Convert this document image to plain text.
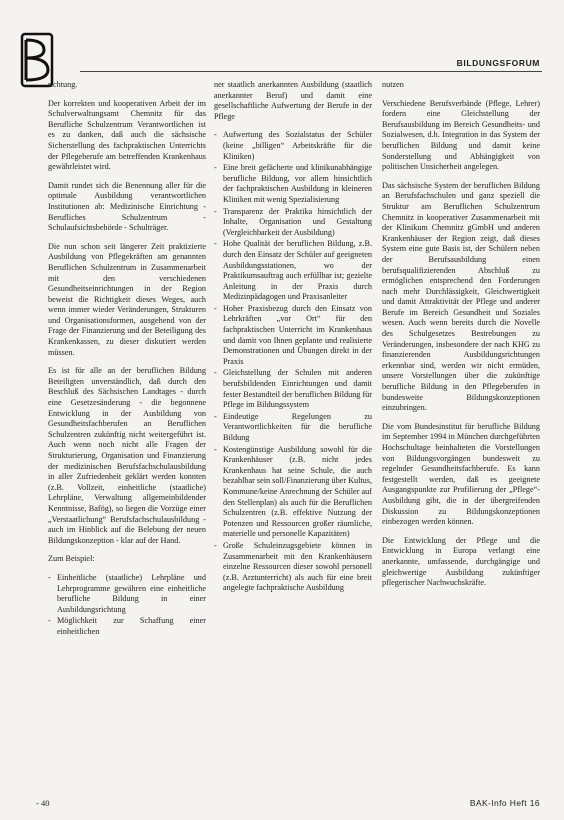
BILDUNGSFORUM

richtung.

Der korrekten und kooperativen Arbeit der im Schulverwaltungsamt Chemnitz für das Berufliche Schulzentrum Verantwortlichen ist es zu danken, daß auch die sächsische Sicherstellung des fachpraktischen Unterrichts der Pflegeberufe am betreffenden Krankenhaus gewährleistet wird.

Damit rundet sich die Benennung aller für die optimale Ausbildung verantwortlichen Institutionen ab: Medizinische Einrichtung - Berufliches Schulzentrum - Schulaufsichtsbehörde - Schulträger.

Die nun schon seit längerer Zeit praktizierte Ausbildung von Pflegekräften am genannten Beruflichen Schulzentrum in Zusammenarbeit mit den verschiedenen Gesundheitseinrichtungen in der Region beweist die Richtigkeit dieses Weges, auch wenn immer wieder Veränderungen, Strukturen und Organisationsformen, ausgehend von der Frage der Finanzierung und der Beteiligung des Krankenkassen, zu dieser diskutiert werden müssen.

Es ist für alle an der beruflichen Bildung Beteiligten unverständlich, daß durch den Beschluß des Sächsischen Landtages - durch eine Gesetzesänderung - die begonnene Entwicklung in der Ausbildung von Gesundheitsfachberufen an Beruflichen Schulzentren zukünftig nicht weitergeführt ist. Auch wenn noch nicht alle Fragen der Strukturierung, Organisation und Finanzierung der medizinischen Berufsfachschulausbildung in aller Zufriedenheit geklärt werden konnten (z.B. Vollzeit, einheitliche (staatliche) Lehrpläne, Verwaltung allgemeinbildender Kenntnisse, Bafög), so liegen die Vorzüge einer „Verstaatlichung“ Berufsfachschulausbildung - auch im Hinblick auf die Belebung der neuen Bildungskonzeption - klar auf der Hand.

Zum Beispiel:

- Einheitliche (staatliche) Lehrpläne und Lehrprogramme gewähren eine einheitliche berufliche Bildung in einer Ausbildungsrichtung
- Möglichkeit zur Schaffung einer einheitlichen

ner staatlich anerkannten Ausbildung (staatlich anerkannter Beruf) und damit eine gesellschaftliche Aufwertung der Berufe in der Pflege

- Aufwertung des Sozialstatus der Schüler (keine „billigen“ Arbeitskräfte für die Kliniken)
- Eine breit gefächerte und klinikunabhängige berufliche Bildung, vor allem hinsichtlich der fachpraktischen Ausbildung in kleineren Kliniken mit wenig Spezialisierung
- Transparenz der Praktika hinsichtlich der Inhalte, Organisation und Gestaltung (Vergleichbarkeit der Ausbildung)
- Hohe Qualität der beruflichen Bildung, z.B. durch den Einsatz der Schüler auf geeigneten Ausbildungsstationen, wo der Praktikumsauftrag auch erfüllbar ist; gezielte Anleitung in der Praxis durch Medizinpädagogen und Praxisanleiter
- Hoher Praxisbezug durch den Einsatz von Lehrkräften „vor Ort“ für den fachpraktischen Unterricht im Krankenhaus und damit von Ihnen geplante und realisierte Demonstrationen und Übungen direkt in der Praxis
- Gleichstellung der Schulen mit anderen berufsbildenden Einrichtungen und damit fester Bestandteil der beruflichen Bildung für Pflege im Bildungssystem
- Eindeutige Regelungen zu Verantwortlichkeiten für die berufliche Bildung
- Kostengünstige Ausbildung sowohl für die Krankenhäuser (z.B. nicht jedes Krankenhaus hat seine Schule, die auch bezahlbar sein soll/Finanzierung über Kultus, Kommune/keine Anrechnung der Schüler auf den Stellenplan) als auch für die Beruflichen Schulzentren (z.B. effektive Nutzung der Potenzen und Ressourcen großer räumliche, materielle und personelle Kapazitäten)
- Große Schuleinzugsgebiete können in Zusammenarbeit mit den Krankenhäusern einzelne Ressourcen dieser sowohl personell (z.B. Arztunterricht) als auch für eine breit angelegte fachpraktische Ausbildung

nutzen

Verschiedene Berufsverbände (Pflege, Lehrer) fordern eine Gleichstellung der Berufsausbildung im Bereich Gesundheits- und Sozialwesen, d.h. Integration in das System der beruflichen Bildung und damit keine Sonderstellung und Abhängigkeit von politischen Unsicherheit angelegen.

Das sächsische System der beruflichen Bildung an Berufsfachschulen und ganz speziell die Struktur am Beruflichen Schulzentrum Chemnitz in kooperativer Zusammenarbeit mit der Klinikum Chemnitz gGmbH und anderen Krankenhäuser der Region zeigt, daß dieses System eine gute Basis ist, der Schülern neben der Berufsausbildung einen berufsqualifizierenden Abschluß zu ermöglichen entsprechend den Forderungen nach mehr Durchlässigkeit, Gleichwertigkeit und damit Attraktivität der Pflege und anderer Berufe im Bereich Gesundheit und Soziales wesen. Auch wenn bereits durch die Novelle des Schulgesetzes Bestrebungen zu Veränderungen, insbesondere der nach KHG zu finanzierenden Ausbildungsrichtungen erkennbar sind, werden wir nicht ermüden, unsere Vorstellungen über die zukünftige berufliche Bildung in den Pflegeberufen in bundesweite Bildungskonzeptionen einzubringen.

Die vom Bundesinstitut für berufliche Bildung im September 1994 in München durchgeführten Hochschultage beinhalteten die Vorstellungen von Bildungsvorgängen bundesweit zu regelnder Gesundheitsfachberufe. Es kann festgestellt werden, daß es geeignete Ausgangspunkte zur Profilierung der „Pflege“-Ausbildung gibt, die in der übergreifenden Diskussion zu Bildungskonzeptionen einbezogen werden können.

Die Entwicklung der Pflege und die Entwicklung in Europa verlangt eine anerkannte, umfassende, durchgängige und gleichwertige Ausbildung zukünftiger pflegerischer Nachwuchskräfte.

- 40	BAK-Info Heft 16
